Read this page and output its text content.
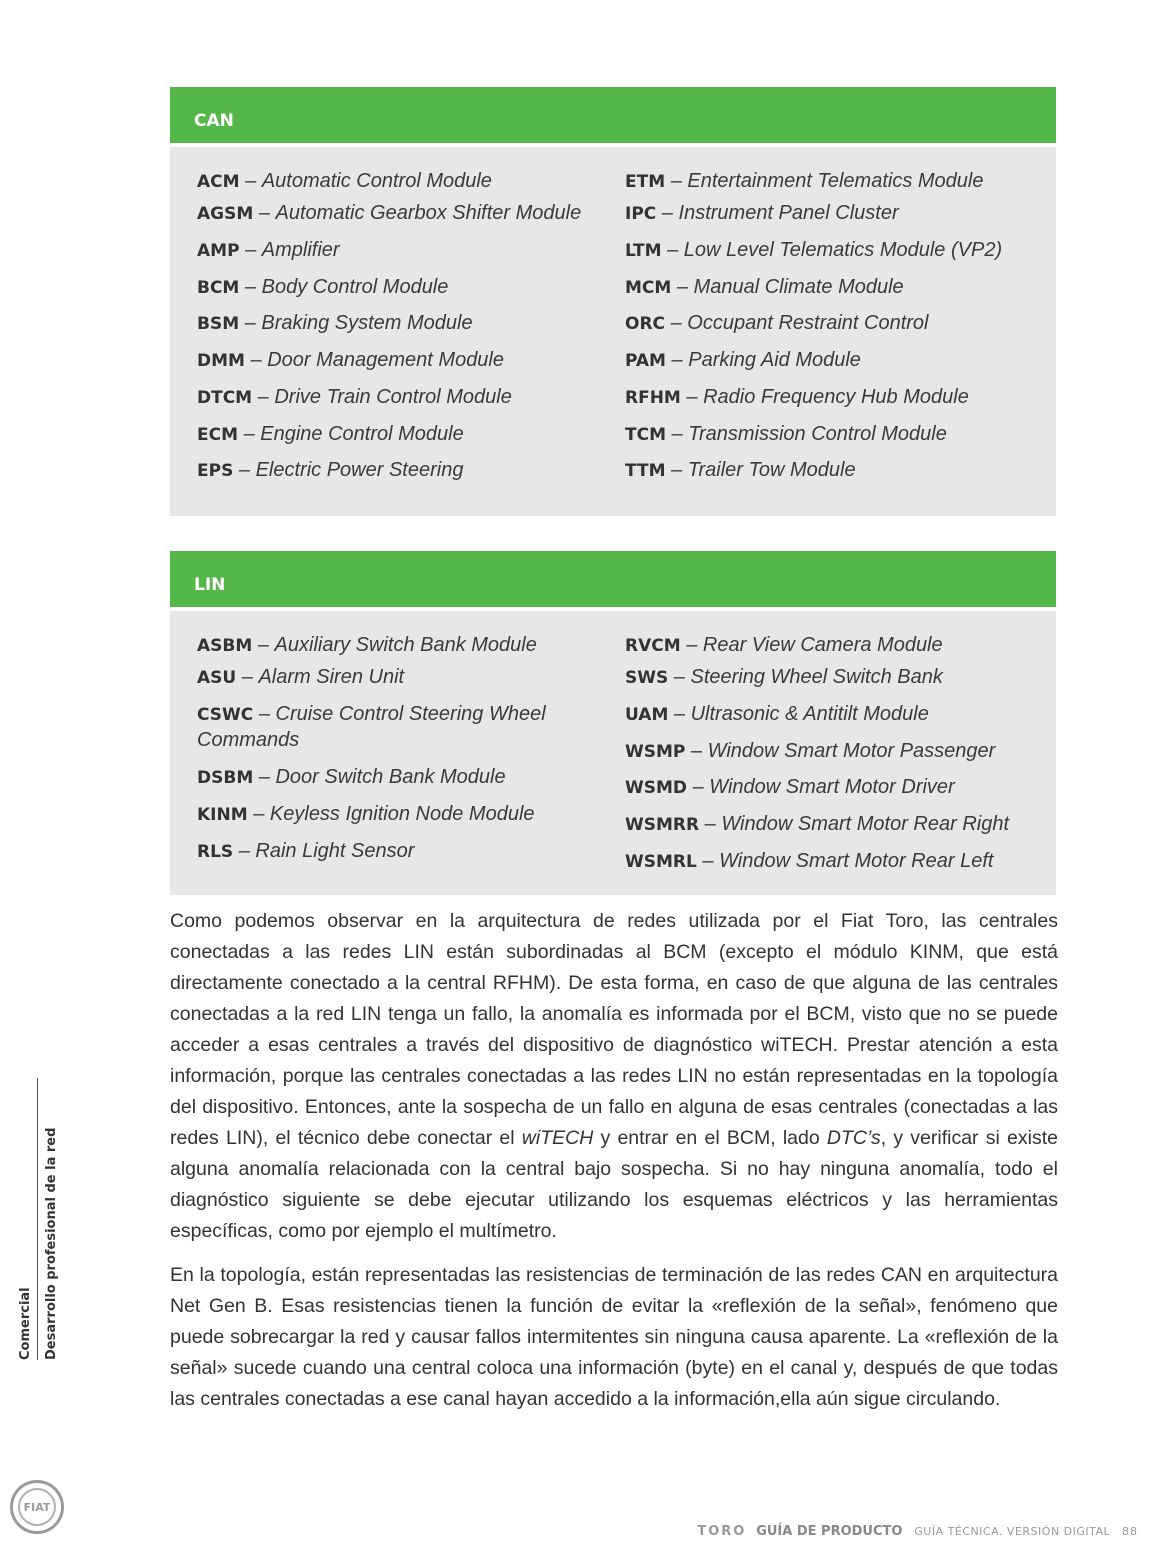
CAN
ACM – Automatic Control Module
AGSM – Automatic Gearbox Shifter Module
AMP – Amplifier
BCM – Body Control Module
BSM – Braking System Module
DMM – Door Management Module
DTCM – Drive Train Control Module
ECM – Engine Control Module
EPS – Electric Power Steering
ETM – Entertainment Telematics Module
IPC – Instrument Panel Cluster
LTM – Low Level Telematics Module (VP2)
MCM – Manual Climate Module
ORC – Occupant Restraint Control
PAM – Parking Aid Module
RFHM – Radio Frequency Hub Module
TCM – Transmission Control Module
TTM – Trailer Tow Module
LIN
ASBM – Auxiliary Switch Bank Module
ASU – Alarm Siren Unit
CSWC – Cruise Control Steering Wheel Commands
DSBM – Door Switch Bank Module
KINM – Keyless Ignition Node Module
RLS – Rain Light Sensor
RVCM – Rear View Camera Module
SWS – Steering Wheel Switch Bank
UAM – Ultrasonic & Antitilt Module
WSMP – Window Smart Motor Passenger
WSMD – Window Smart Motor Driver
WSMRR – Window Smart Motor Rear Right
WSMRL – Window Smart Motor Rear Left

Como podemos observar en la arquitectura de redes utilizada por el Fiat Toro, las centrales conectadas a las redes LIN están subordinadas al BCM (excepto el módulo KINM, que está directamente conectado a la central RFHM). De esta forma, en caso de que alguna de las centrales conectadas a la red LIN tenga un fallo, la anomalía es informada por el BCM, visto que no se puede acceder a esas centrales a través del dispositivo de diagnóstico wiTECH. Prestar atención a esta información, porque las centrales conectadas a las redes LIN no están representadas en la topología del dispositivo. Entonces, ante la sospecha de un fallo en alguna de esas centrales (conectadas a las redes LIN), el técnico debe conectar el wiTECH y entrar en el BCM, lado DTC’s, y verificar si existe alguna anomalía relacionada con la central bajo sospecha. Si no hay ninguna anomalía, todo el diagnóstico siguiente se debe ejecutar utilizando los esquemas eléctricos y las herramientas específicas, como por ejemplo el multímetro.

En la topología, están representadas las resistencias de terminación de las redes CAN en arquitectura Net Gen B. Esas resistencias tienen la función de evitar la «reflexión de la señal», fenómeno que puede sobrecargar la red y causar fallos intermitentes sin ninguna causa aparente. La «reflexión de la señal» sucede cuando una central coloca una información (byte) en el canal y, después de que todas las centrales conectadas a ese canal hayan accedido a la información,ella aún sigue circulando.

Comercial Desarrollo profesional de la red
FIAT
TORO GUÍA DE PRODUCTO GUÍA TÉCNICA. VERSIÓN DIGITAL 88
